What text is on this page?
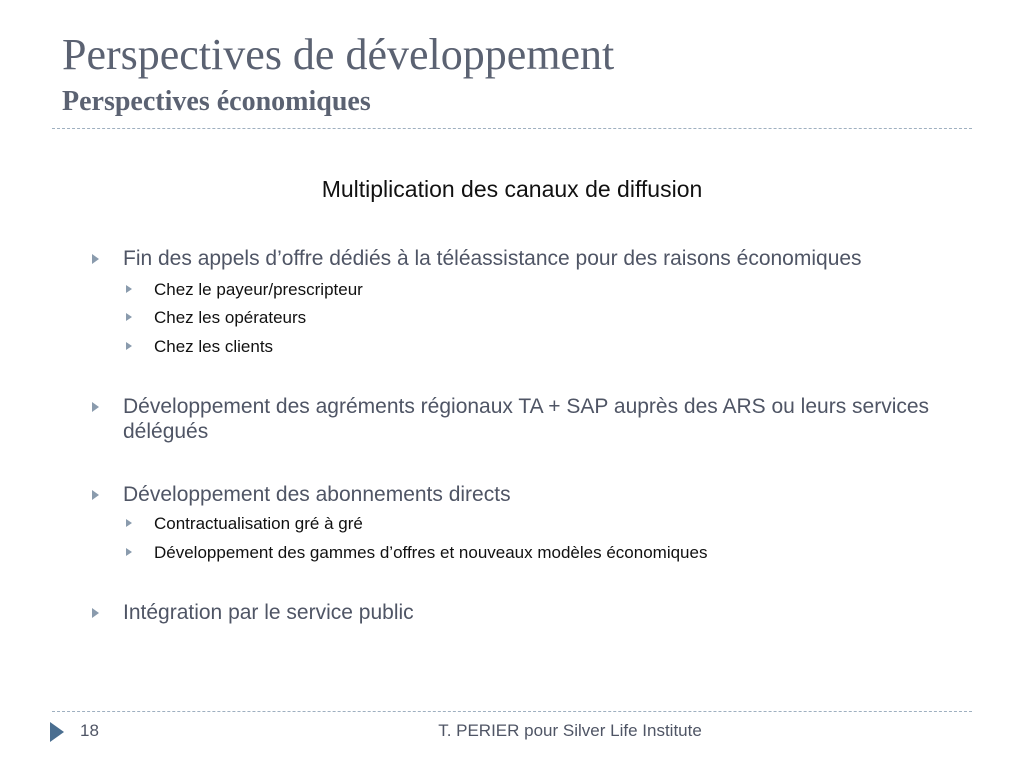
Perspectives de développement
Perspectives économiques
Multiplication des canaux de diffusion
Fin des appels d’offre dédiés à la téléassistance pour des raisons économiques
Chez le payeur/prescripteur
Chez les opérateurs
Chez les clients
Développement des agréments régionaux TA + SAP auprès des ARS ou leurs services délégués
Développement des abonnements directs
Contractualisation gré à gré
Développement des gammes d’offres et nouveaux modèles économiques
Intégration par le service public
18	T. PERIER pour Silver Life Institute
